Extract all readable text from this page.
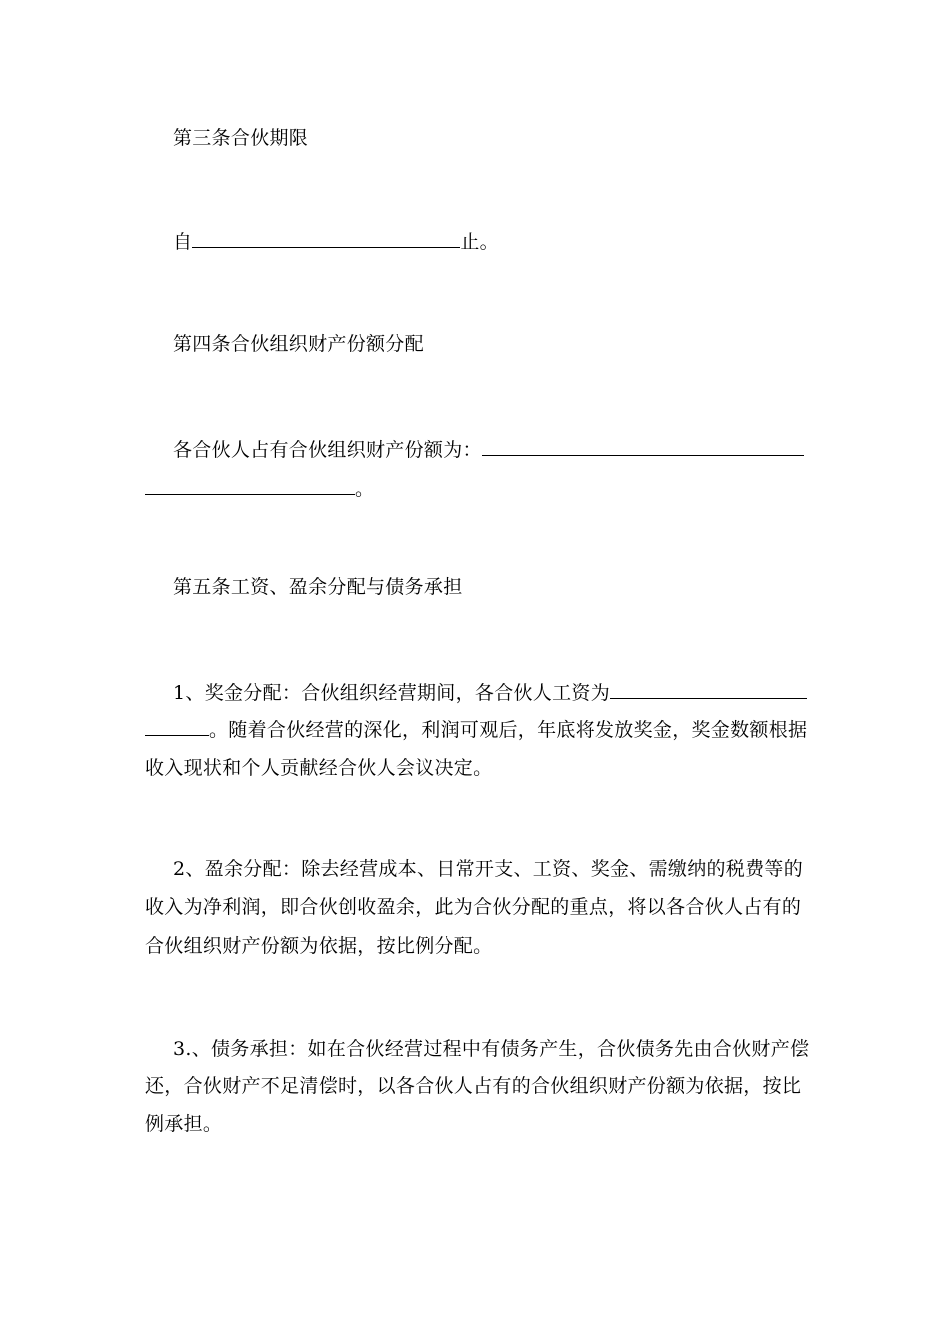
第三条合伙期限
自	止。
第四条合伙组织财产份额分配
各合伙人占有合伙组织财产份额为：
。
第五条工资、盈余分配与债务承担
1、奖金分配：合伙组织经营期间，各合伙人工资为
。随着合伙经营的深化，利润可观后，年底将发放奖金，奖金数额根据
收入现状和个人贡献经合伙人会议决定。
2、盈余分配：除去经营成本、日常开支、工资、奖金、需缴纳的税费等的
收入为净利润，即合伙创收盈余，此为合伙分配的重点，将以各合伙人占有的
合伙组织财产份额为依据，按比例分配。
3.、债务承担：如在合伙经营过程中有债务产生，合伙债务先由合伙财产偿
还，合伙财产不足清偿时，以各合伙人占有的合伙组织财产份额为依据，按比
例承担。
